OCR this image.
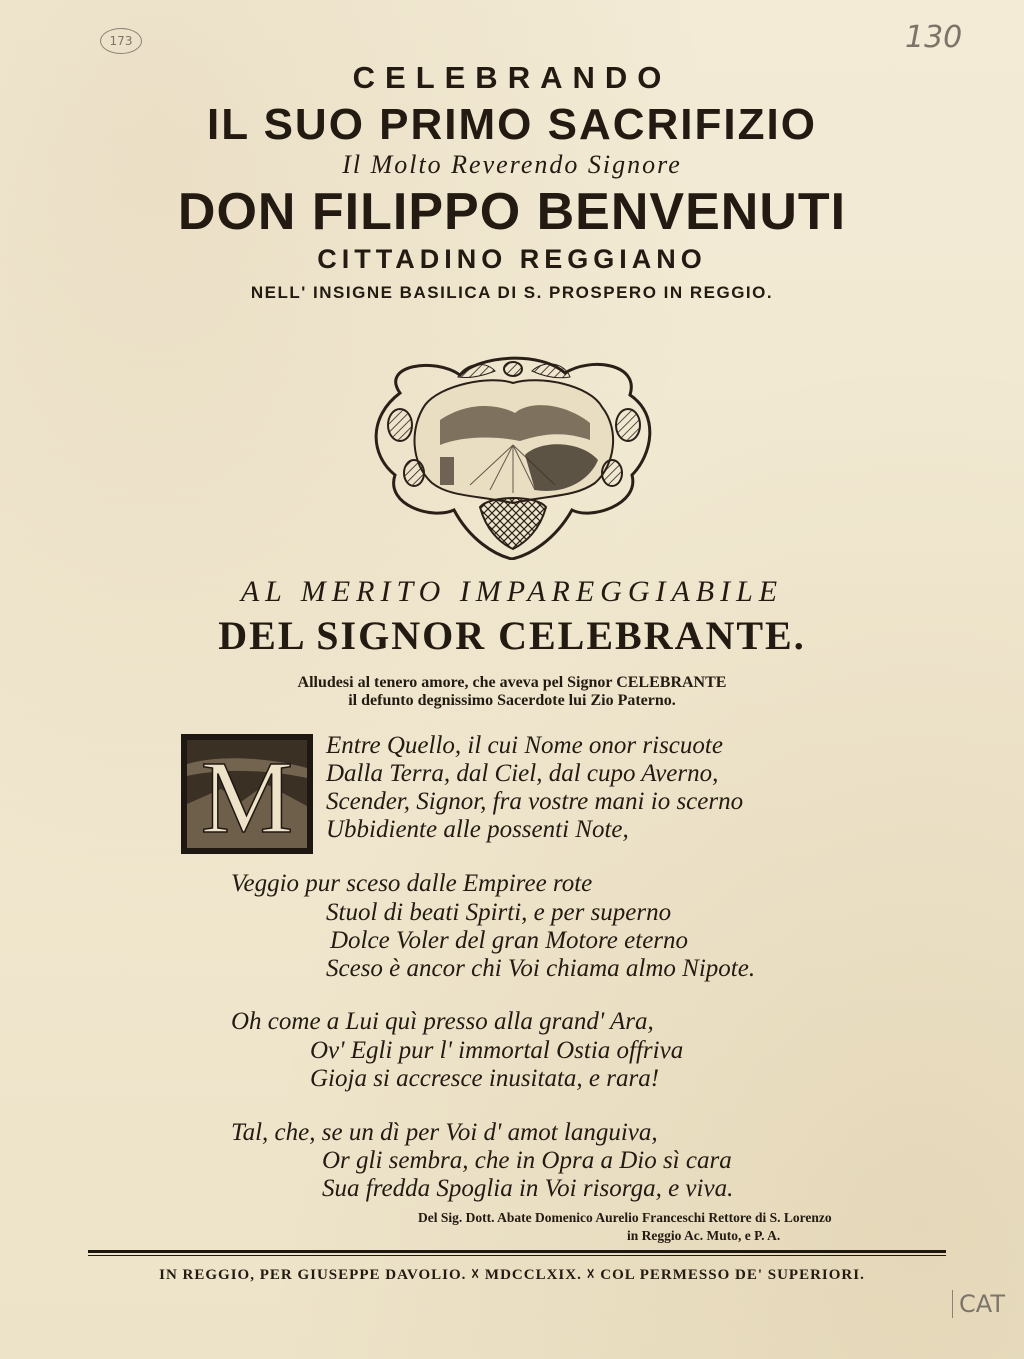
173	130
CAT

CELEBRANDO

IL SUO PRIMO SACRIFIZIO

Il Molto Reverendo Signore

DON FILIPPO BENVENUTI

CITTADINO REGGIANO

NELL' INSIGNE BASILICA DI S. PROSPERO IN REGGIO.

AL MERITO IMPAREGGIABILE

DEL SIGNOR CELEBRANTE.

Alludesi al tenero amore, che aveva pel Signor CELEBRANTE

il defunto degnissimo Sacerdote lui Zio Paterno.

M Entre Quello, il cui Nome onor riscuote

Dalla Terra, dal Ciel, dal cupo Averno,

Scender, Signor, fra vostre mani io scerno

Ubbidiente alle possenti Note,

Veggio pur sceso dalle Empiree rote

Stuol di beati Spirti, e per superno

Dolce Voler del gran Motore eterno

Sceso è ancor chi Voi chiama almo Nipote.

Oh come a Lui quì presso alla grand' Ara,

Ov' Egli pur l' immortal Ostia offriva

Gioja si accresce inusitata, e rara!

Tal, che, se un dì per Voi d' amot languiva,

Or gli sembra, che in Opra a Dio sì cara

Sua fredda Spoglia in Voi risorga, e viva.

Del Sig. Dott. Abate Domenico Aurelio Franceschi Rettore di S. Lorenzo

in Reggio Ac. Muto, e P. A.

IN REGGIO, PER GIUSEPPE DAVOLIO. ☓ MDCCLXIX. ☓ COL PERMESSO DE' SUPERIORI.
